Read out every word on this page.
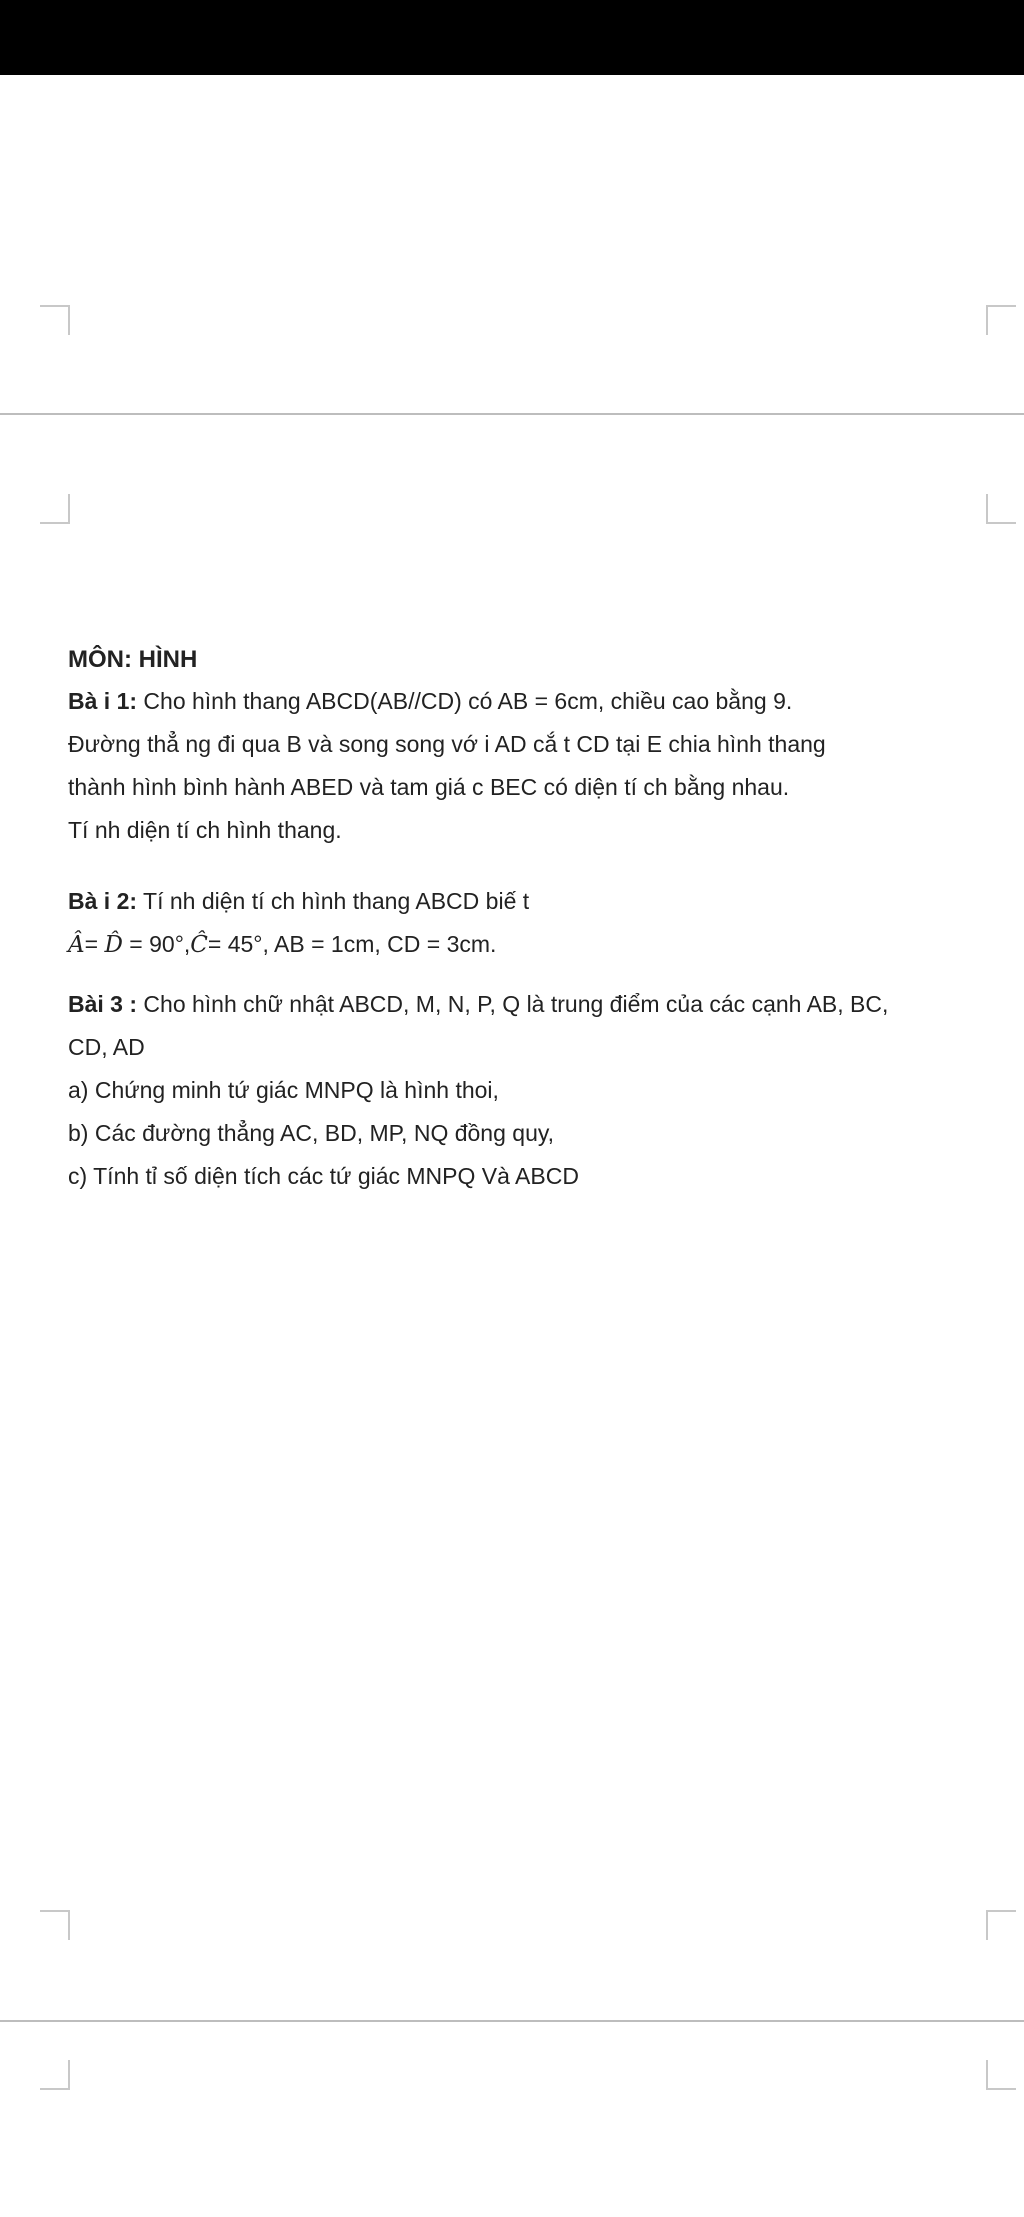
MÔN: HÌNH

Bà i 1: Cho hình thang ABCD(AB//CD) có AB = 6cm, chiều cao bằng 9.
Đường thẳ ng đi qua B và song song vớ i AD cắ t CD tại E chia hình thang
thành hình bình hành ABED và tam giá c BEC có diện tí ch bằng nhau.
Tí nh diện tí ch hình thang.

Bà i 2: Tí nh diện tí ch hình thang ABCD biế t
Â= D̂ = 90°,Ĉ= 45°, AB = 1cm, CD = 3cm.

Bài 3 : Cho hình chữ nhật ABCD, M, N, P, Q là trung điểm của các cạnh AB, BC,
CD, AD

a) Chứng minh tứ giác MNPQ là hình thoi,
b) Các đường thẳng AC, BD, MP, NQ đồng quy,
c) Tính tỉ số diện tích các tứ giác MNPQ Và ABCD
